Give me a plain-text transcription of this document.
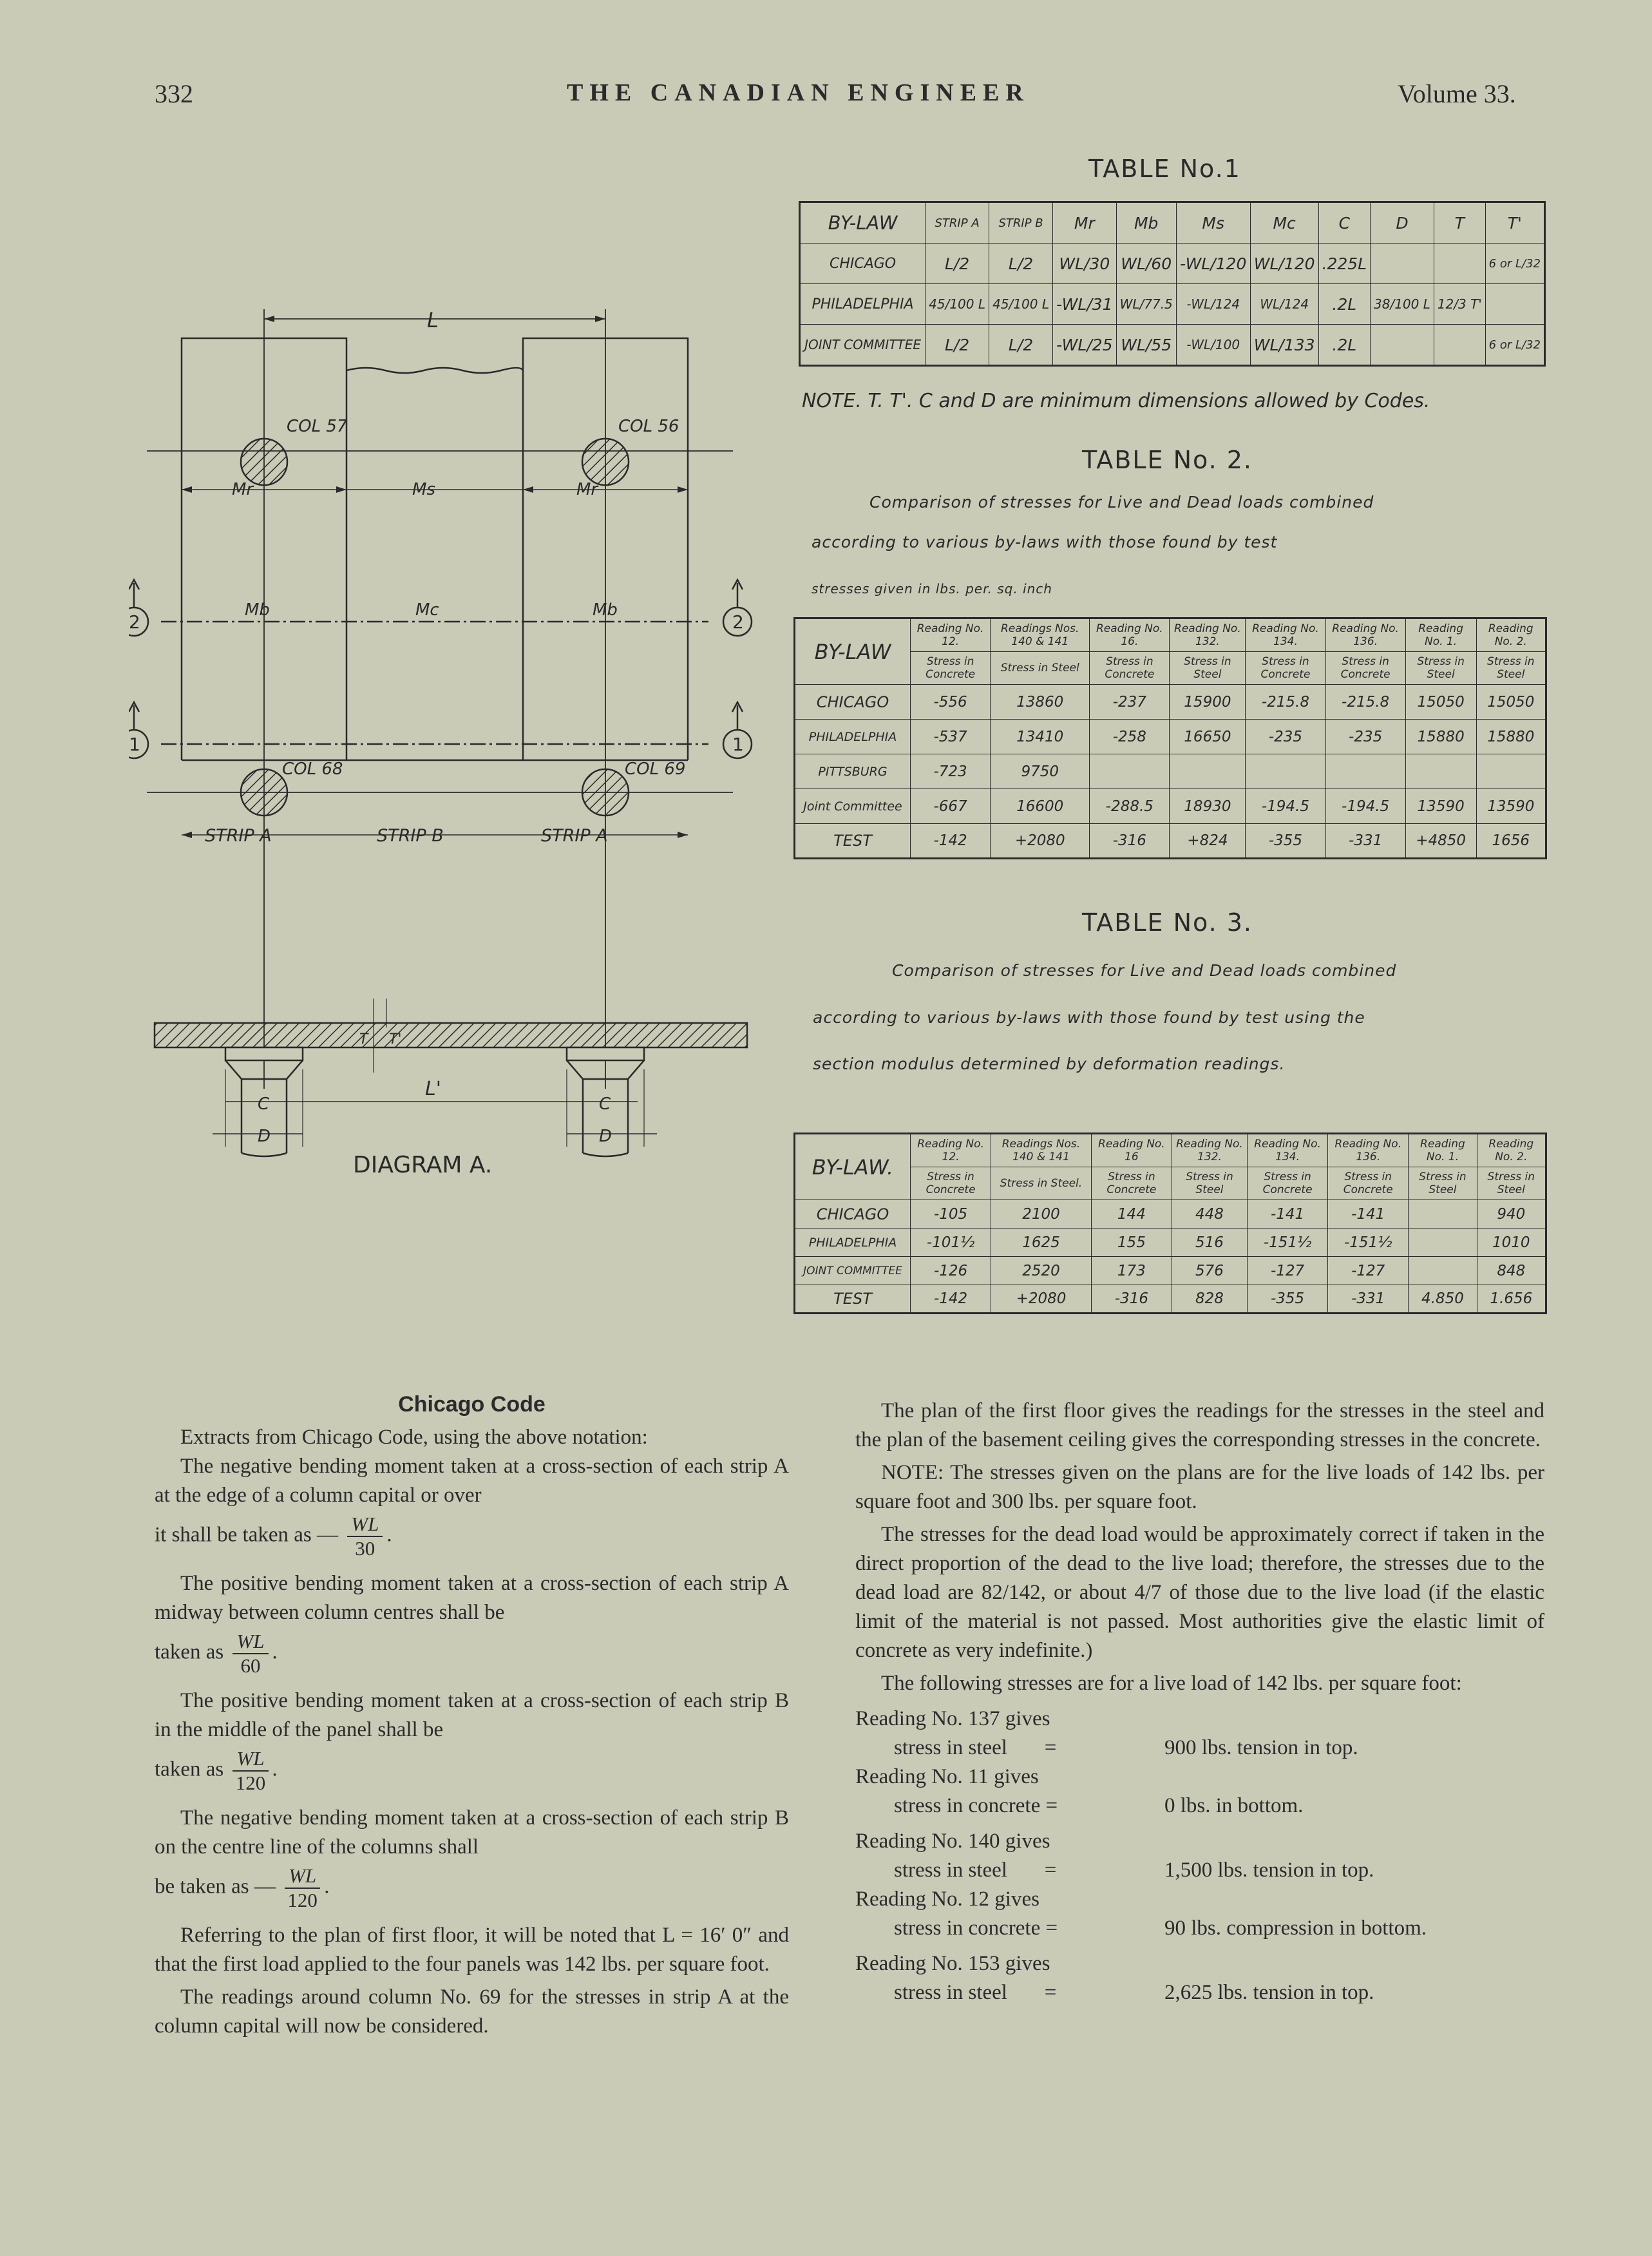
332	THE CANADIAN ENGINEER	Volume 33.
L
COL 57	COL 56
COL 68	COL 69
Mr	Ms	Mr
Mb	Mc	Mb
2	2
1	1
STRIP A	STRIP B	STRIP A
T T'
L'
C
D
C
D
DIAGRAM A.
TABLE No.1
BY-LAW	STRIP A	STRIP B	Mr	Mb	Ms	Mc	C	D	T	T'
CHICAGO	L/2	L/2	WL/30	WL/60	-WL/120	WL/120	.225L			6 or L/32
PHILADELPHIA	45/100 L	45/100 L	-WL/31	WL/77.5	-WL/124	WL/124	.2L	38/100 L	12/3 T'	
JOINT COMMITTEE	L/2	L/2	-WL/25	WL/55	-WL/100	WL/133	.2L			6 or L/32
NOTE. T. T'. C and D are minimum dimensions allowed by Codes.
TABLE No. 2.
Comparison of stresses for Live and Dead loads combined
according to various by-laws with those found by test
stresses given in lbs. per. sq. inch
BY-LAW	Reading No. 12.	Readings Nos. 140 & 141	Reading No. 16.	Reading No. 132.	Reading No. 134.	Reading No. 136.	Reading No. 1.	Reading No. 2.
	Stress in Concrete	Stress in Steel	Stress in Concrete	Stress in Steel	Stress in Concrete	Stress in Concrete	Stress in Steel	Stress in Steel
CHICAGO	-556	13860	-237	15900	-215.8	-215.8	15050	15050
PHILADELPHIA	-537	13410	-258	16650	-235	-235	15880	15880
PITTSBURG	-723	9750						
Joint Committee	-667	16600	-288.5	18930	-194.5	-194.5	13590	13590
TEST	-142	+2080	-316	+824	-355	-331	+4850	1656
TABLE No. 3.
Comparison of stresses for Live and Dead loads combined
according to various by-laws with those found by test using the
section modulus determined by deformation readings.
BY-LAW.	Reading No. 12.	Readings Nos. 140 & 141	Reading No. 16	Reading No. 132.	Reading No. 134.	Reading No. 136.	Reading No. 1.	Reading No. 2.
	Stress in Concrete	Stress in Steel.	Stress in Concrete	Stress in Steel	Stress in Concrete	Stress in Concrete	Stress in Steel	Stress in Steel
CHICAGO	-105	2100	144	448	-141	-141		940
PHILADELPHIA	-101½	1625	155	516	-151½	-151½		1010
JOINT COMMITTEE	-126	2520	173	576	-127	-127		848
TEST	-142	+2080	-316	828	-355	-331	4.850	1.656

Chicago Code

Extracts from Chicago Code, using the above notation:

The negative bending moment taken at a cross-section of each strip A at the edge of a column capital or over

it shall be taken as — $\frac{WL}{30}$ .

The positive bending moment taken at a cross-section of each strip A midway between column centres shall be

taken as $\frac{WL}{60}$ .

The positive bending moment taken at a cross-section of each strip B in the middle of the panel shall be

taken as $\frac{WL}{120}$ .

The negative bending moment taken at a cross-section of each strip B on the centre line of the columns shall

be taken as — $\frac{WL}{120}$ .

Referring to the plan of first floor, it will be noted that L = 16′ 0″ and that the first load applied to the four panels was 142 lbs. per square foot.

The readings around column No. 69 for the stresses in strip A at the column capital will now be considered.

The plan of the first floor gives the readings for the stresses in the steel and the plan of the basement ceiling gives the corresponding stresses in the concrete.

NOTE: The stresses given on the plans are for the live loads of 142 lbs. per square foot and 300 lbs. per square foot.

The stresses for the dead load would be approximately correct if taken in the direct proportion of the dead to the live load; therefore, the stresses due to the dead load are 82/142, or about 4/7 of those due to the live load (if the elastic limit of the material is not passed. Most authorities give the elastic limit of concrete as very indefinite.)

The following stresses are for a live load of 142 lbs. per square foot:

Reading No. 137 gives
stress in steel       =	900 lbs. tension in top.
Reading No. 11 gives
stress in concrete =	0 lbs. in bottom.
Reading No. 140 gives
stress in steel       =	1,500 lbs. tension in top.
Reading No. 12 gives
stress in concrete =	90 lbs. compression in bottom.
Reading No. 153 gives
stress in steel       =	2,625 lbs. tension in top.
